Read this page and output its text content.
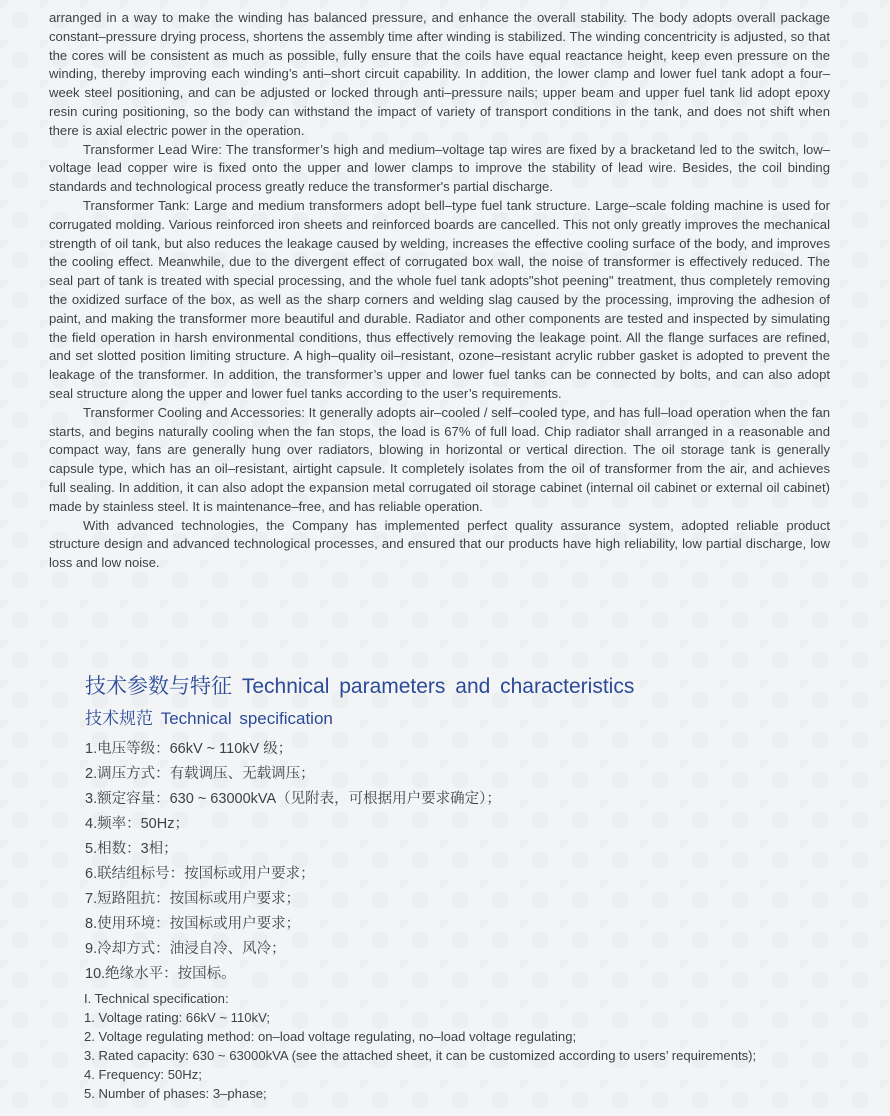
arranged in a way to make the winding has balanced pressure, and enhance the overall stability. The body adopts overall package constant–pressure drying process, shortens the assembly time after winding is stabilized. The winding concentricity is adjusted, so that the cores will be consistent as much as possible, fully ensure that the coils have equal reactance height, keep even pressure on the winding, thereby improving each winding’s anti–short circuit capability. In addition, the lower clamp and lower fuel tank adopt a four–week steel positioning, and can be adjusted or locked through anti–pressure nails; upper beam and upper fuel tank lid adopt epoxy resin curing positioning, so the body can withstand the impact of variety of transport conditions in the tank, and does not shift when there is axial electric power in the operation.

Transformer Lead Wire: The transformer’s high and medium–voltage tap wires are fixed by a bracketand led to the switch, low–voltage lead copper wire is fixed onto the upper and lower clamps to improve the stability of lead wire. Besides, the coil binding standards and technological process greatly reduce the transformer's partial discharge.

Transformer Tank: Large and medium transformers adopt bell–type fuel tank structure. Large–scale folding machine is used for corrugated molding. Various reinforced iron sheets and reinforced boards are cancelled. This not only greatly improves the mechanical strength of oil tank, but also reduces the leakage caused by welding, increases the effective cooling surface of the body, and improves the cooling effect. Meanwhile, due to the divergent effect of corrugated box wall, the noise of transformer is effectively reduced. The seal part of tank is treated with special processing, and the whole fuel tank adopts"shot peening" treatment, thus completely removing the oxidized surface of the box, as well as the sharp corners and welding slag caused by the processing, improving the adhesion of paint, and making the transformer more beautiful and durable. Radiator and other components are tested and inspected by simulating the field operation in harsh environmental conditions, thus effectively removing the leakage point. All the flange surfaces are refined, and set slotted position limiting structure. A high–quality oil–resistant, ozone–resistant acrylic rubber gasket is adopted to prevent the leakage of the transformer. In addition, the transformer’s upper and lower fuel tanks can be connected by bolts, and can also adopt seal structure along the upper and lower fuel tanks according to the user’s requirements.

Transformer Cooling and Accessories: It generally adopts air–cooled / self–cooled type, and has full–load operation when the fan starts, and begins naturally cooling when the fan stops, the load is 67% of full load. Chip radiator shall arranged in a reasonable and compact way, fans are generally hung over radiators, blowing in horizontal or vertical direction. The oil storage tank is generally capsule type, which has an oil–resistant, airtight capsule. It completely isolates from the oil of transformer from the air, and achieves full sealing. In addition, it can also adopt the expansion metal corrugated oil storage cabinet (internal oil cabinet or external oil cabinet) made by stainless steel. It is maintenance–free, and has reliable operation.

With advanced technologies, the Company has implemented perfect quality assurance system, adopted reliable product structure design and advanced technological processes, and ensured that our products have high reliability, low partial discharge, low loss and low noise.

技术参数与特征 Technical parameters and characteristics
技术规范 Technical specification
1.电压等级：66kV ~ 110kV 级；
2.调压方式：有载调压、无载调压；
3.额定容量：630 ~ 63000kVA（见附表，可根据用户要求确定）；
4.频率：50Hz；
5.相数：3相；
6.联结组标号：按国标或用户要求；
7.短路阻抗：按国标或用户要求；
8.使用环境：按国标或用户要求；
9.冷却方式：油浸自冷、风冷；
10.绝缘水平：按国标。
I. Technical specification:
1. Voltage rating: 66kV ~ 110kV;
2. Voltage regulating method: on–load voltage regulating, no–load voltage regulating;
3. Rated capacity: 630 ~ 63000kVA (see the attached sheet, it can be customized according to users’ requirements);
4. Frequency: 50Hz;
5. Number of phases: 3–phase;
